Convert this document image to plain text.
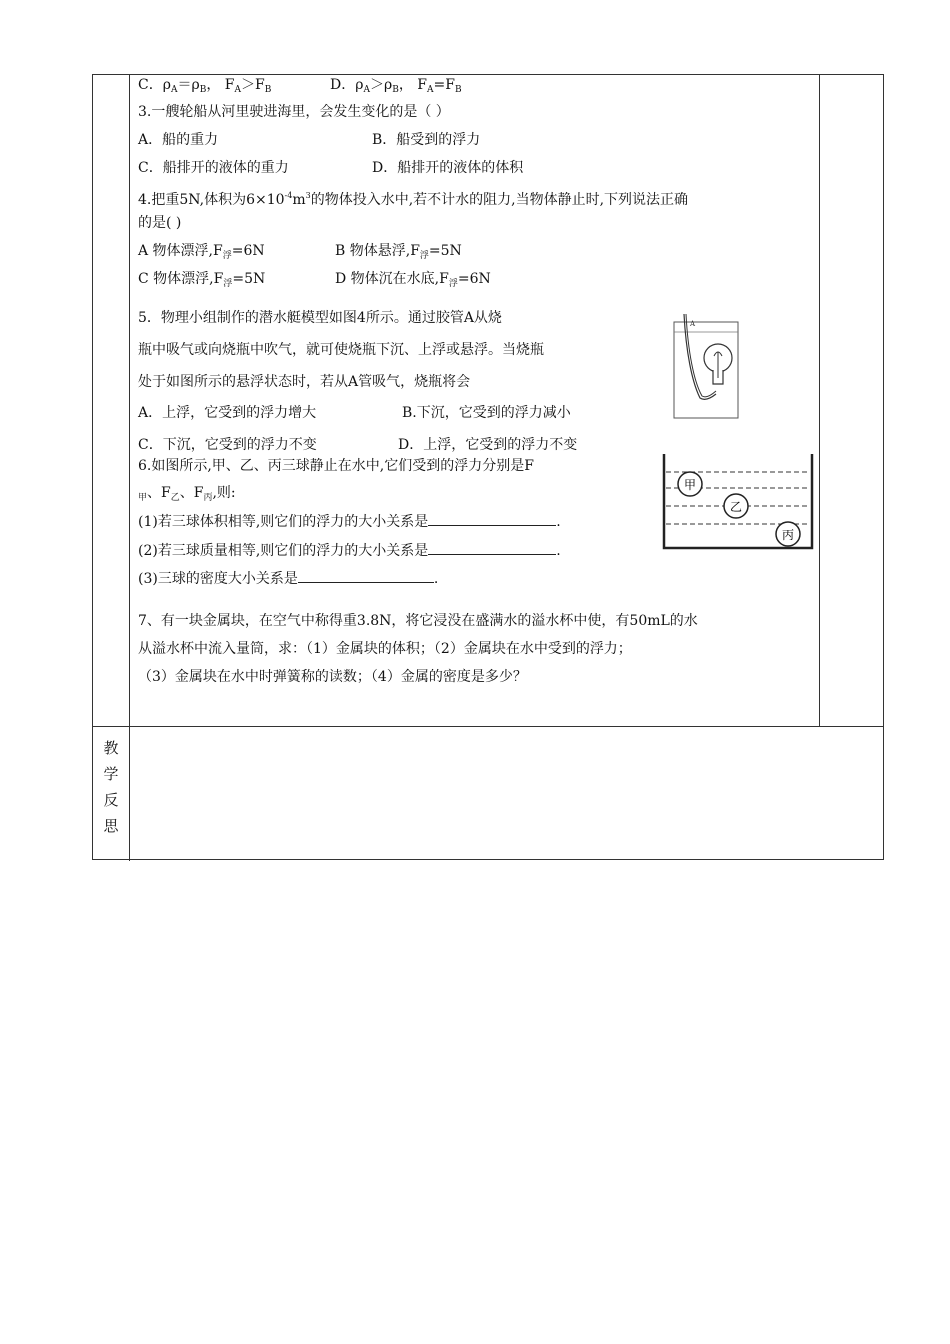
教
学
反
思
C．$\rho_A=\rho_B$， $F_A>F_B$	D．$\rho_A>\rho_B$， $F_A=F_B$
3.一艘轮船从河里驶进海里，会发生变化的是（ ）
A．船的重力	B．船受到的浮力
C．船排开的液体的重力	D．船排开的液体的体积
4.把重5N,体积为$6\times 10^{-4}m^3$的物体投入水中,若不计水的阻力,当物体静止时,下列说法正确
的是( )
A 物体漂浮$,F_浮=6N$	B 物体悬浮$,F_浮=5N$
C 物体漂浮$,F_浮=5N$	D 物体沉在水底$,F_浮=6N$
5．物理小组制作的潜水艇模型如图4所示。通过胶管A从烧
瓶中吸气或向烧瓶中吹气，就可使烧瓶下沉、上浮或悬浮。当烧瓶
处于如图所示的悬浮状态时，若从A管吸气，烧瓶将会
A．上浮，它受到的浮力增大	B.下沉，它受到的浮力减小
C．下沉，它受到的浮力不变	D．上浮，它受到的浮力不变
A
6.如图所示,甲、乙、丙三球静止在水中,它们受到的浮力分别是F
$_甲$、$F_乙$、$F_丙$,则:
(1)若三球体积相等,则它们的浮力的大小关系是	.
(2)若三球质量相等,则它们的浮力的大小关系是	.
(3)三球的密度大小关系是	.
甲
乙
丙
7、有一块金属块，在空气中称得重3.8N，将它浸没在盛满水的溢水杯中使，有50mL的水
从溢水杯中流入量筒，求：（1）金属块的体积；（2）金属块在水中受到的浮力；
（3）金属块在水中时弹簧称的读数；（4）金属的密度是多少？
